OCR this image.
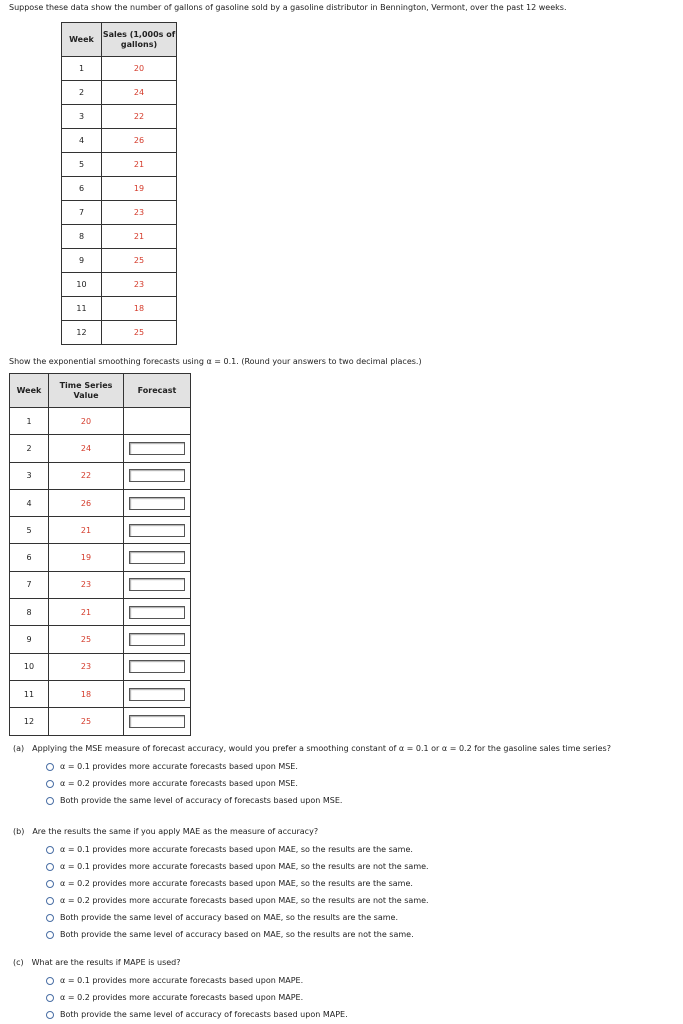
Suppose these data show the number of gallons of gasoline sold by a gasoline distributor in Bennington, Vermont, over the past 12 weeks.
Week	Sales (1,000s of gallons)
1	20
2	24
3	22
4	26
5	21
6	19
7	23
8	21
9	25
10	23
11	18
12	25
Show the exponential smoothing forecasts using α = 0.1. (Round your answers to two decimal places.)
Week	Time Series Value	Forecast
1	20	
2	24	

3	22	

4	26	

5	21	

6	19	

7	23	

8	21	

9	25	

10	23	

11	18	

12	25	
(a) Applying the MSE measure of forecast accuracy, would you prefer a smoothing constant of α = 0.1 or α = 0.2 for the gasoline sales time series?
α = 0.1 provides more accurate forecasts based upon MSE.
α = 0.2 provides more accurate forecasts based upon MSE.
Both provide the same level of accuracy of forecasts based upon MSE.
(b) Are the results the same if you apply MAE as the measure of accuracy?
α = 0.1 provides more accurate forecasts based upon MAE, so the results are the same.
α = 0.1 provides more accurate forecasts based upon MAE, so the results are not the same.
α = 0.2 provides more accurate forecasts based upon MAE, so the results are the same.
α = 0.2 provides more accurate forecasts based upon MAE, so the results are not the same.
Both provide the same level of accuracy based on MAE, so the results are the same.
Both provide the same level of accuracy based on MAE, so the results are not the same.
(c) What are the results if MAPE is used?
α = 0.1 provides more accurate forecasts based upon MAPE.
α = 0.2 provides more accurate forecasts based upon MAPE.
Both provide the same level of accuracy of forecasts based upon MAPE.
